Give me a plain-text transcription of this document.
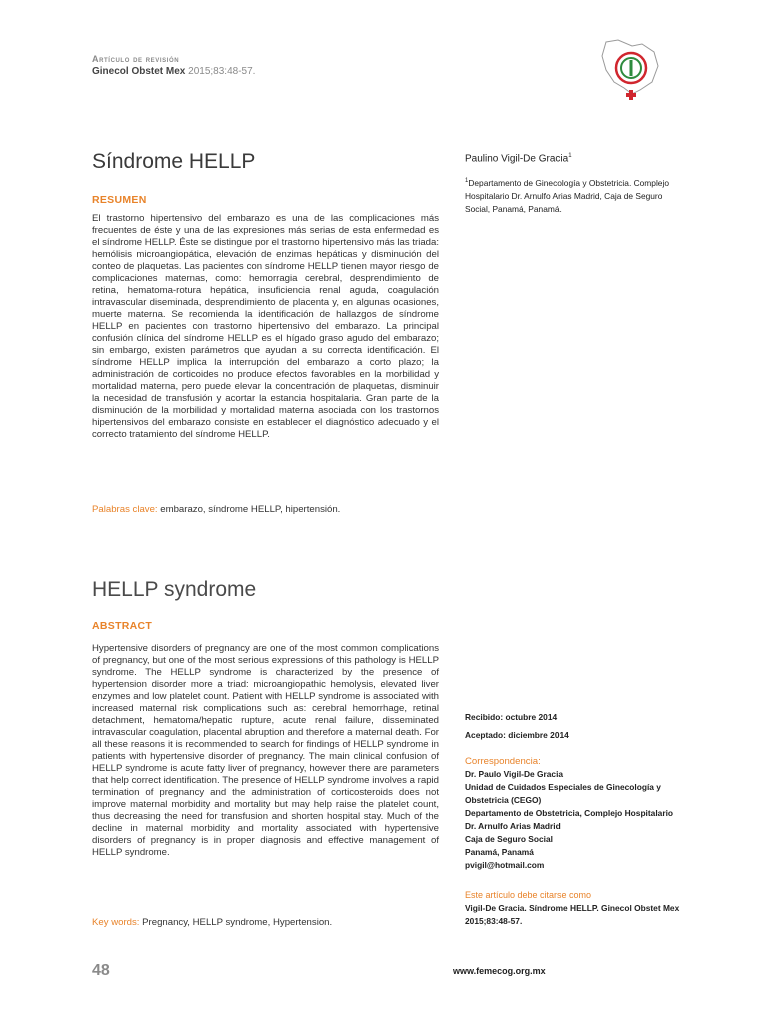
Artículo de revisión
Ginecol Obstet Mex 2015;83:48-57.
Síndrome HELLP
RESUMEN
El trastorno hipertensivo del embarazo es una de las complicaciones más frecuentes de éste y una de las expresiones más serias de esta enfermedad es el síndrome HELLP. Éste se distingue por el trastorno hipertensivo más las triada: hemólisis microangiopática, elevación de enzimas hepáticas y disminución del conteo de plaquetas. Las pacientes con síndrome HELLP tienen mayor riesgo de complicaciones maternas, como: hemorragia cerebral, desprendimiento de retina, hematoma-rotura hepática, insuficiencia renal aguda, coagulación intravascular diseminada, desprendimiento de placenta y, en algunas ocasiones, muerte materna. Se recomienda la identificación de hallazgos de síndrome HELLP en pacientes con trastorno hipertensivo del embarazo. La principal confusión clínica del síndrome HELLP es el hígado graso agudo del embarazo; sin embargo, existen parámetros que ayudan a su correcta identificación. El síndrome HELLP implica la interrupción del embarazo a corto plazo; la administración de corticoides no produce efectos favorables en la morbilidad y mortalidad materna, pero puede elevar la concentración de plaquetas, disminuir la necesidad de transfusión y acortar la estancia hospitalaria. Gran parte de la disminución de la morbilidad y mortalidad materna asociada con los trastornos hipertensivos del embarazo consiste en establecer el diagnóstico adecuado y el correcto tratamiento del síndrome HELLP.
Palabras clave: embarazo, síndrome HELLP, hipertensión.
HELLP syndrome
ABSTRACT
Hypertensive disorders of pregnancy are one of the most common complications of pregnancy, but one of the most serious expressions of this pathology is HELLP syndrome. The HELLP syndrome is characterized by the presence of hypertension disorder more a triad: microangiopathic hemolysis, elevated liver enzymes and low platelet count. Patient with HELLP syndrome is associated with increased maternal risk complications such as: cerebral hemorrhage, retinal detachment, hematoma/hepatic rupture, acute renal failure, disseminated intravascular coagulation, placental abruption and therefore a maternal death. For all these reasons it is recommended to search for findings of HELLP syndrome in patients with hypertensive disorder of pregnancy. The main clinical confusion of HELLP syndrome is acute fatty liver of pregnancy, however there are parameters that help correct identification. The presence of HELLP syndrome involves a rapid termination of pregnancy and the administration of corticosteroids does not improve maternal morbidity and mortality but may help raise the platelet count, thus decreasing the need for transfusion and shorten hospital stay. Much of the decline in maternal morbidity and mortality associated with hypertensive disorders of pregnancy is in proper diagnosis and effective management of HELLP syndrome.
Key words: Pregnancy, HELLP syndrome, Hypertension.
Paulino Vigil-De Gracia$^1$
$^1$Departamento de Ginecología y Obstetricia. Complejo Hospitalario Dr. Arnulfo Arias Madrid, Caja de Seguro Social, Panamá, Panamá.
Recibido: octubre 2014
Aceptado: diciembre 2014
Correspondencia:
Dr. Paulo Vigil-De Gracia
Unidad de Cuidados Especiales de Ginecología y Obstetricia (CEGO)
Departamento de Obstetricia, Complejo Hospitalario Dr. Arnulfo Arias Madrid
Caja de Seguro Social
Panamá, Panamá
pvigil@hotmail.com
Este artículo debe citarse como
Vigil-De Gracia. Síndrome HELLP. Ginecol Obstet Mex 2015;83:48-57.
48	www.femecog.org.mx
